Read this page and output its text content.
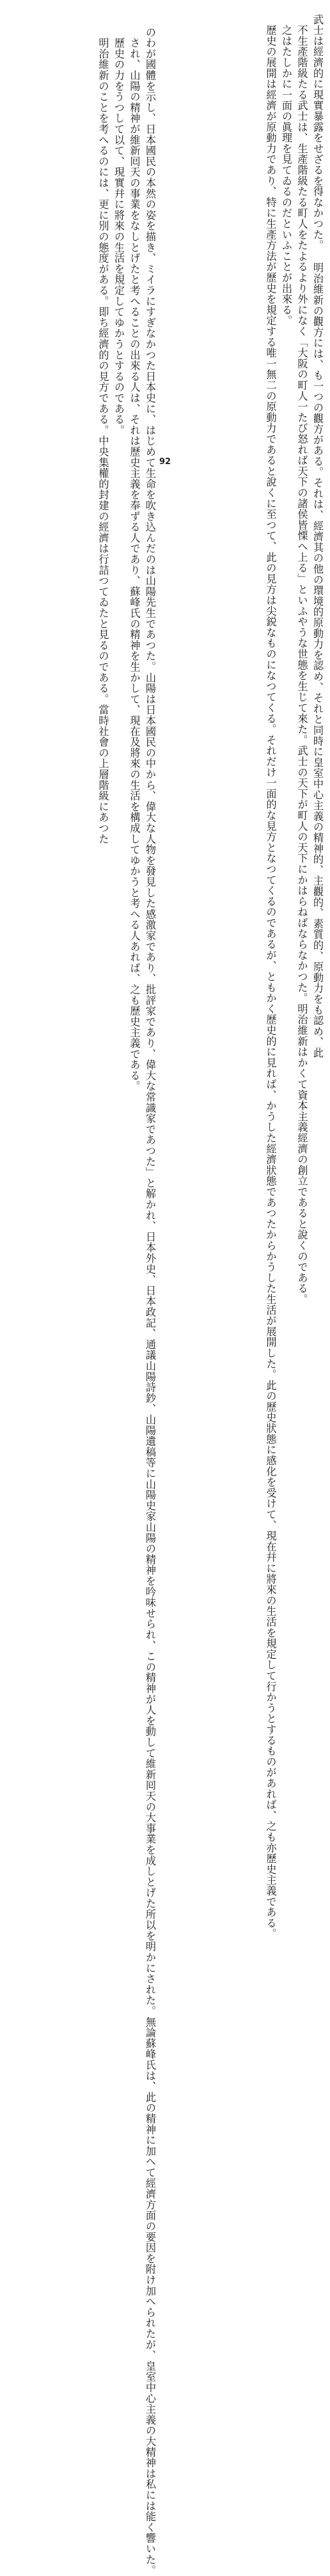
武士は經濟的に現實暴露をせざるを得なかつた。

　不生產階級たる武士は、生產階級たる町人をたよるより外になく「大阪の町人一たび怒れば天下の諸侯皆慄へ上る」といふやうな世態を生じて來た。武士の天下が町人の天下にかはらねばならなかつた。明治維新はかくて資本主義經濟の創立であると說くのである。

　之はたしかに一面の眞理を見てゐるのだといふことが出來る。

　歷史の展開は經濟が原動力であり、特に生產方法が歷史を規定する唯一無二の原動力であると說くに至つて、此の見方は尖鋭なものになつてくる。それだけ一面的な見方となつてくるのであるが、ともかく歷史的に見れば、かうした經濟狀態であつたからかうした生活が展開した。此の歷史狀態に感化を受けて、現在幷に將來の生活を規定して行かうとするものがあれば、之も亦歷史主義である。

のわが國體を示し、日本國民の本然の姿を描き、ミイラにすぎなかつた日本史に、はじめて生命を吹き込んだのは山陽先生であつた。山陽は日本國民の中から、偉大な人物を發見した感激家であり、批評家であり、偉大な常識家であつた」と解かれ、日本外史、日本政記、通議山陽詩鈔、山陽遺稿等に山陽史家山陽の精神を吟味せられ、この精神が人を動して維新囘天の大事業を成しとげた所以を明かにされた。無論蘇峰氏は、此の精神に加へて經濟方面の要因を附け加へられたが、皇室中心主義の大精神は私には能く響いた。

　され、山陽の精神が維新囘天の事業をなしとげたと考へることの出來る人は、それは歷史主義を奉ずる人であり、蘇峰氏の精神を生かして、現在及將來の生活を構成してゆかうと考へる人あれば、之も歷史主義である。

　歷史の力をうつして以て、現實幷に將來の生活を規定してゆかうとするのである。

　明治維新のことを考へるのには、更に別の態度がある。即ち經濟的の見方である。中央集權的封建の經濟は行詰つてゐたと見るのである。當時社會の上層階級にあつた	　明治維新の觀方には、も一つの觀方がある。それは、經濟其の他の環境的原動力を認め、それと同時に皇室中心主義の精神的、主觀的、素質的、原動力をも認め、此

92
